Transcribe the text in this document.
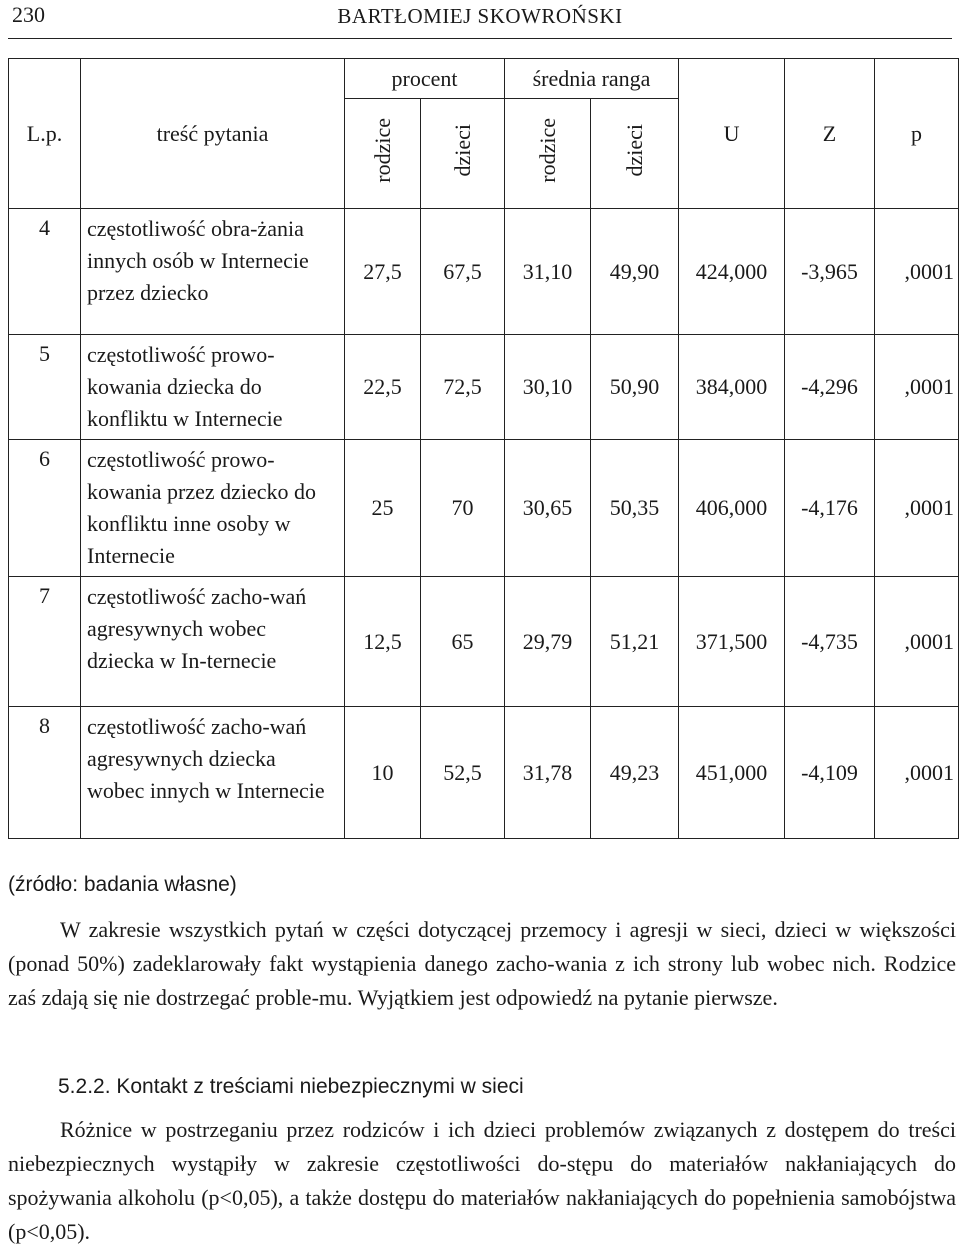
230	BARTŁOMIEJ SKOWROŃSKI
L.p.	treść pytania	procent		średnia ranga		U	Z	p
		rodzice	dzieci	rodzice	dzieci			
4	częstotliwość obra-żania innych osób w Internecie przez dziecko	27,5	67,5	31,10	49,90	424,000	-3,965	,0001
5	częstotliwość prowo-kowania dziecka do konfliktu w Internecie	22,5	72,5	30,10	50,90	384,000	-4,296	,0001
6	częstotliwość prowo-kowania przez dziecko do konfliktu inne osoby w Internecie	25	70	30,65	50,35	406,000	-4,176	,0001
7	częstotliwość zacho-wań agresywnych wobec dziecka w In-ternecie	12,5	65	29,79	51,21	371,500	-4,735	,0001
8	częstotliwość zacho-wań agresywnych dziecka wobec innych w Internecie	10	52,5	31,78	49,23	451,000	-4,109	,0001
(źródło: badania własne)

W zakresie wszystkich pytań w części dotyczącej przemocy i agresji w sieci, dzieci w większości (ponad 50%) zadeklarowały fakt wystąpienia danego zacho-wania z ich strony lub wobec nich. Rodzice zaś zdają się nie dostrzegać proble-mu. Wyjątkiem jest odpowiedź na pytanie pierwsze.

5.2.2. Kontakt z treściami niebezpiecznymi w sieci

Różnice w postrzeganiu przez rodziców i ich dzieci problemów związanych z dostępem do treści niebezpiecznych wystąpiły w zakresie częstotliwości do-stępu do materiałów nakłaniających do spożywania alkoholu (p<0,05), a także dostępu do materiałów nakłaniających do popełnienia samobójstwa (p<0,05).
